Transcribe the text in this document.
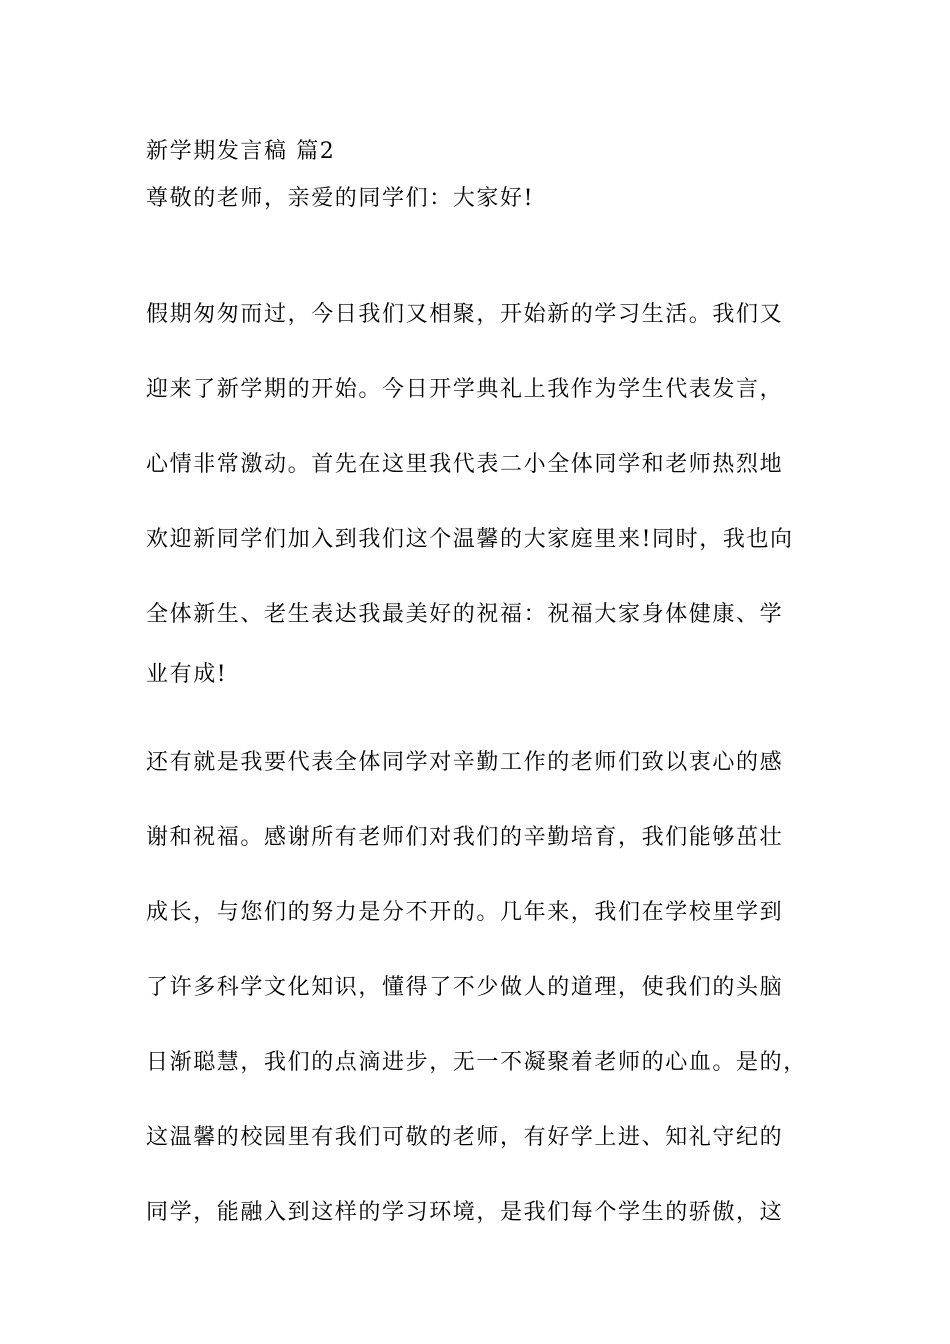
新学期发言稿 篇2
尊敬的老师，亲爱的同学们：大家好!
假期匆匆而过，今日我们又相聚，开始新的学习生活。我们又
迎来了新学期的开始。今日开学典礼上我作为学生代表发言，
心情非常激动。首先在这里我代表二小全体同学和老师热烈地
欢迎新同学们加入到我们这个温馨的大家庭里来!同时，我也向
全体新生、老生表达我最美好的祝福：祝福大家身体健康、学
业有成!
还有就是我要代表全体同学对辛勤工作的老师们致以衷心的感
谢和祝福。感谢所有老师们对我们的辛勤培育，我们能够茁壮
成长，与您们的努力是分不开的。几年来，我们在学校里学到
了许多科学文化知识，懂得了不少做人的道理，使我们的头脑
日渐聪慧，我们的点滴进步，无一不凝聚着老师的心血。是的，
这温馨的校园里有我们可敬的老师，有好学上进、知礼守纪的
同学，能融入到这样的学习环境，是我们每个学生的骄傲，这
